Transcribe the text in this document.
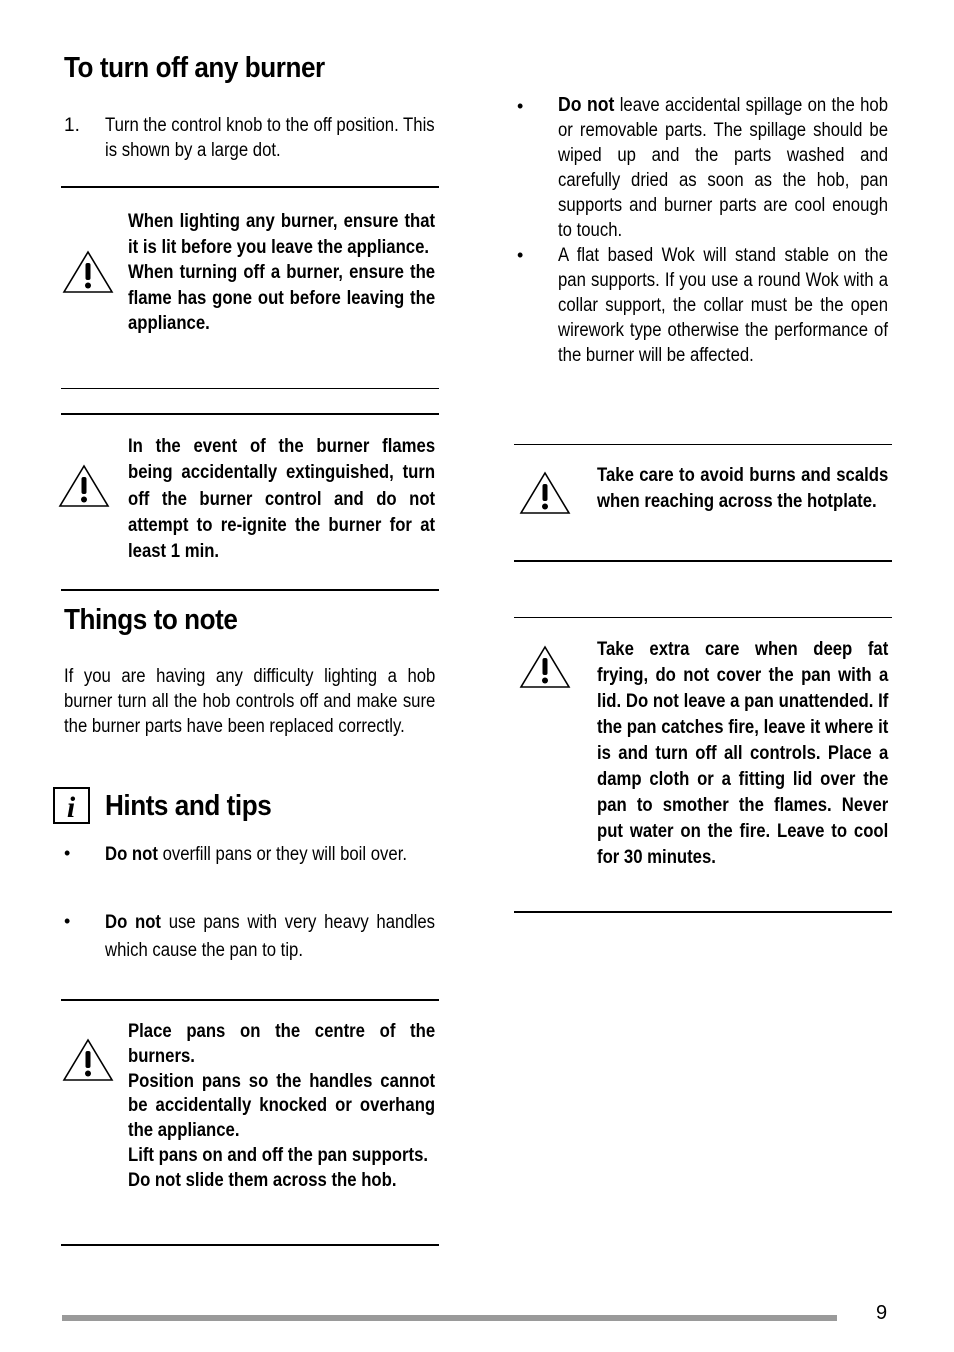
To turn off any burner
1.	Turn the control knob to the off position. This is shown by a large dot.

When lighting any burner, ensure that it is lit before you leave the appliance.

When turning off a burner, ensure the flame has gone out before leaving the appliance.

In the event of the burner flames being accidentally extinguished, turn off the burner control and do not attempt to re-ignite the burner for at least 1 min.
Things to note
If you are having any difficulty lighting a hob burner turn all the hob controls off and make sure the burner parts have been replaced correctly.
i Hints and tips
• Do not overfill pans or they will boil over.
• Do not use pans with very heavy handles which cause the pan to tip.

Place pans on the centre of the burners.

Position pans so the handles cannot be accidentally knocked or overhang the appliance.

Lift pans on and off the pan supports.

Do not slide them across the hob.

• Do not leave accidental spillage on the hob or removable parts. The spillage should be wiped up and the parts washed and carefully dried as soon as the hob, pan supports and burner parts are cool enough to touch.
• A flat based Wok will stand stable on the pan supports. If you use a round Wok with a collar support, the collar must be the open wirework type otherwise the performance of the burner will be affected.
Take care to avoid burns and scalds when reaching across the hotplate.
Take extra care when deep fat frying, do not cover the pan with a lid. Do not leave a pan unattended. If the pan catches fire, leave it where it is and turn off all controls. Place a damp cloth or a fitting lid over the pan to smother the flames. Never put water on the fire. Leave to cool for 30 minutes.
9
